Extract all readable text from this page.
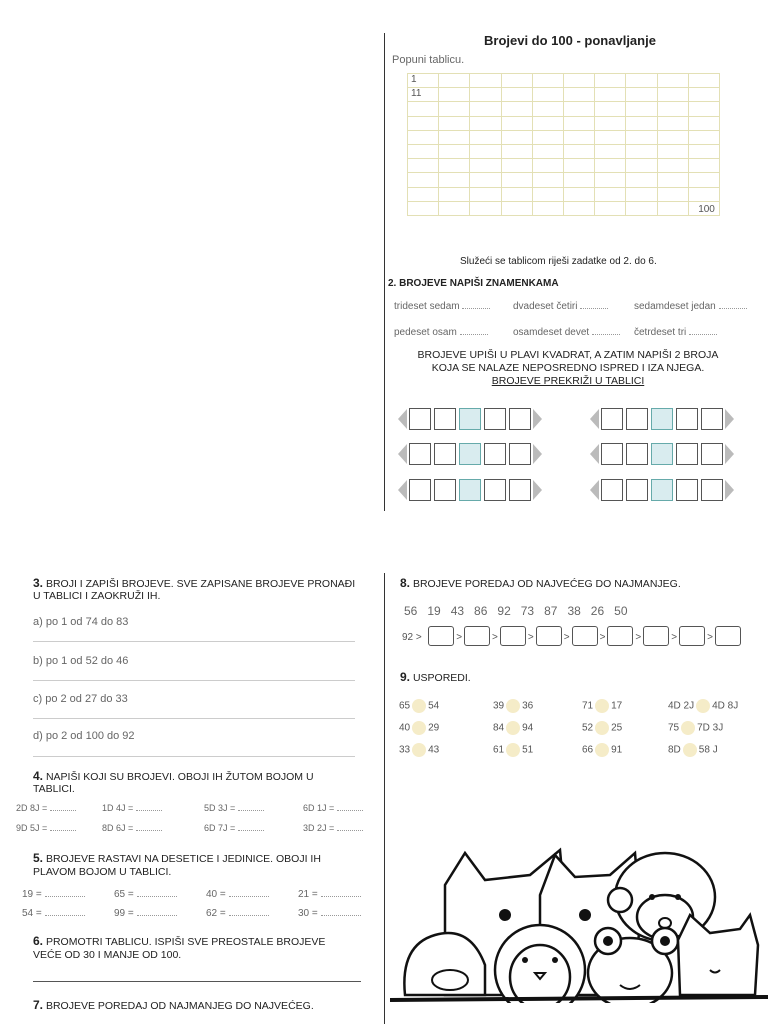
Brojevi do 100 - ponavljanje
Popuni tablicu.
1									
11									

									100
Služeći se tablicom riješi zadatke od 2. do 6.
2. BROJEVE NAPIŠI ZNAMENKAMA
trideset sedam	dvadeset četiri	sedamdeset jedan
pedeset osam	osamdeset devet	četrdeset tri
BROJEVE UPIŠI U PLAVI KVADRAT, A ZATIM NAPIŠI 2 BROJA
KOJA SE NALAZE NEPOSREDNO ISPRED I IZA NJEGA.
BROJEVE PREKRIŽI U TABLICI
3. BROJI I ZAPIŠI BROJEVE. SVE ZAPISANE BROJEVE PRONAĐI U TABLICI I ZAOKRUŽI IH.
a) po 1 od 74 do 83
b) po 1 od 52 do 46
c) po 2 od 27 do 33
d) po 2 od 100 do 92
4. NAPIŠI KOJI SU BROJEVI. OBOJI IH ŽUTOM BOJOM U TABLICI.
2D 8J =	1D 4J =	5D 3J =	6D 1J =
9D 5J =	8D 6J =	6D 7J =	3D 2J =
5. BROJEVE RASTAVI NA DESETICE I JEDINICE. OBOJI IH PLAVOM BOJOM U TABLICI.
19 =	65 =	40 =	21 =
54 =	99 =	62 =	30 =
6. PROMOTRI TABLICU. ISPIŠI SVE PREOSTALE BROJEVE VEĆE OD 30 I MANJE OD 100.
7. BROJEVE POREDAJ OD NAJMANJEG DO NAJVEĆEG.
8. BROJEVE POREDAJ OD NAJVEĆEG DO NAJMANJEG.
56   19   43   86   92   73   87   38   26   50
92 >	>	>	>	>	>	>	>	>
9. USPOREDI.
65 54	39 36	71 17	4D 2J 4D 8J
40 29	84 94	52 25	75 7D 3J
33 43	61 51	66 91	8D 58 J
